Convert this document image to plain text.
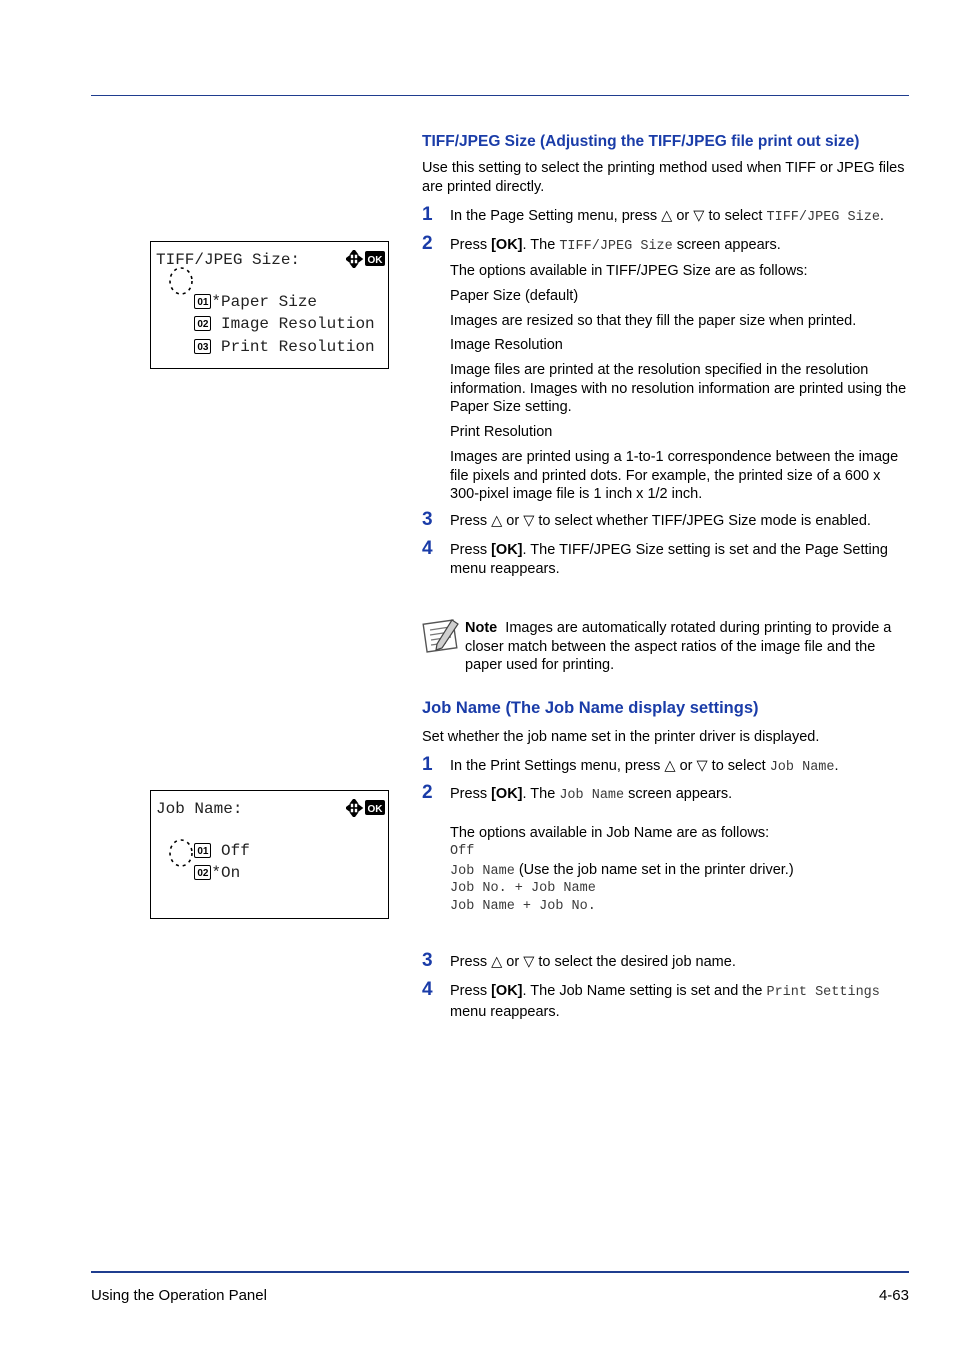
TIFF/JPEG Size (Adjusting the TIFF/JPEG file print out size)
Use this setting to select the printing method used when TIFF or JPEG files are printed directly.
1 In the Page Setting menu, press △ or ▽ to select TIFF/JPEG Size.
2 Press [OK]. The TIFF/JPEG Size screen appears.
The options available in TIFF/JPEG Size are as follows:
Paper Size (default)
Images are resized so that they fill the paper size when printed.
Image Resolution
Image files are printed at the resolution specified in the resolution information. Images with no resolution information are printed using the Paper Size setting.
Print Resolution
Images are printed using a 1-to-1 correspondence between the image file pixels and printed dots. For example, the printed size of a 600 x 300-pixel image file is 1 inch x 1/2 inch.
3 Press △ or ▽ to select whether TIFF/JPEG Size mode is enabled.
4 Press [OK]. The TIFF/JPEG Size setting is set and the Page Setting menu reappears.
TIFF/JPEG Size:	OK

01 *Paper Size

02 Image Resolution

03 Print Resolution

Note Images are automatically rotated during printing to provide a closer match between the aspect ratios of the image file and the paper used for printing.
Job Name (The Job Name display settings)
Set whether the job name set in the printer driver is displayed.
1 In the Print Settings menu, press △ or ▽ to select Job Name.
2 Press [OK]. The Job Name screen appears.
The options available in Job Name are as follows:
Off
Job Name (Use the job name set in the printer driver.)
Job No. + Job Name
Job Name + Job No.
3 Press △ or ▽ to select the desired job name.
4 Press [OK]. The Job Name setting is set and the Print Settings menu reappears.
Job Name:	OK

01 Off

02 *On

Using the Operation Panel	4-63
